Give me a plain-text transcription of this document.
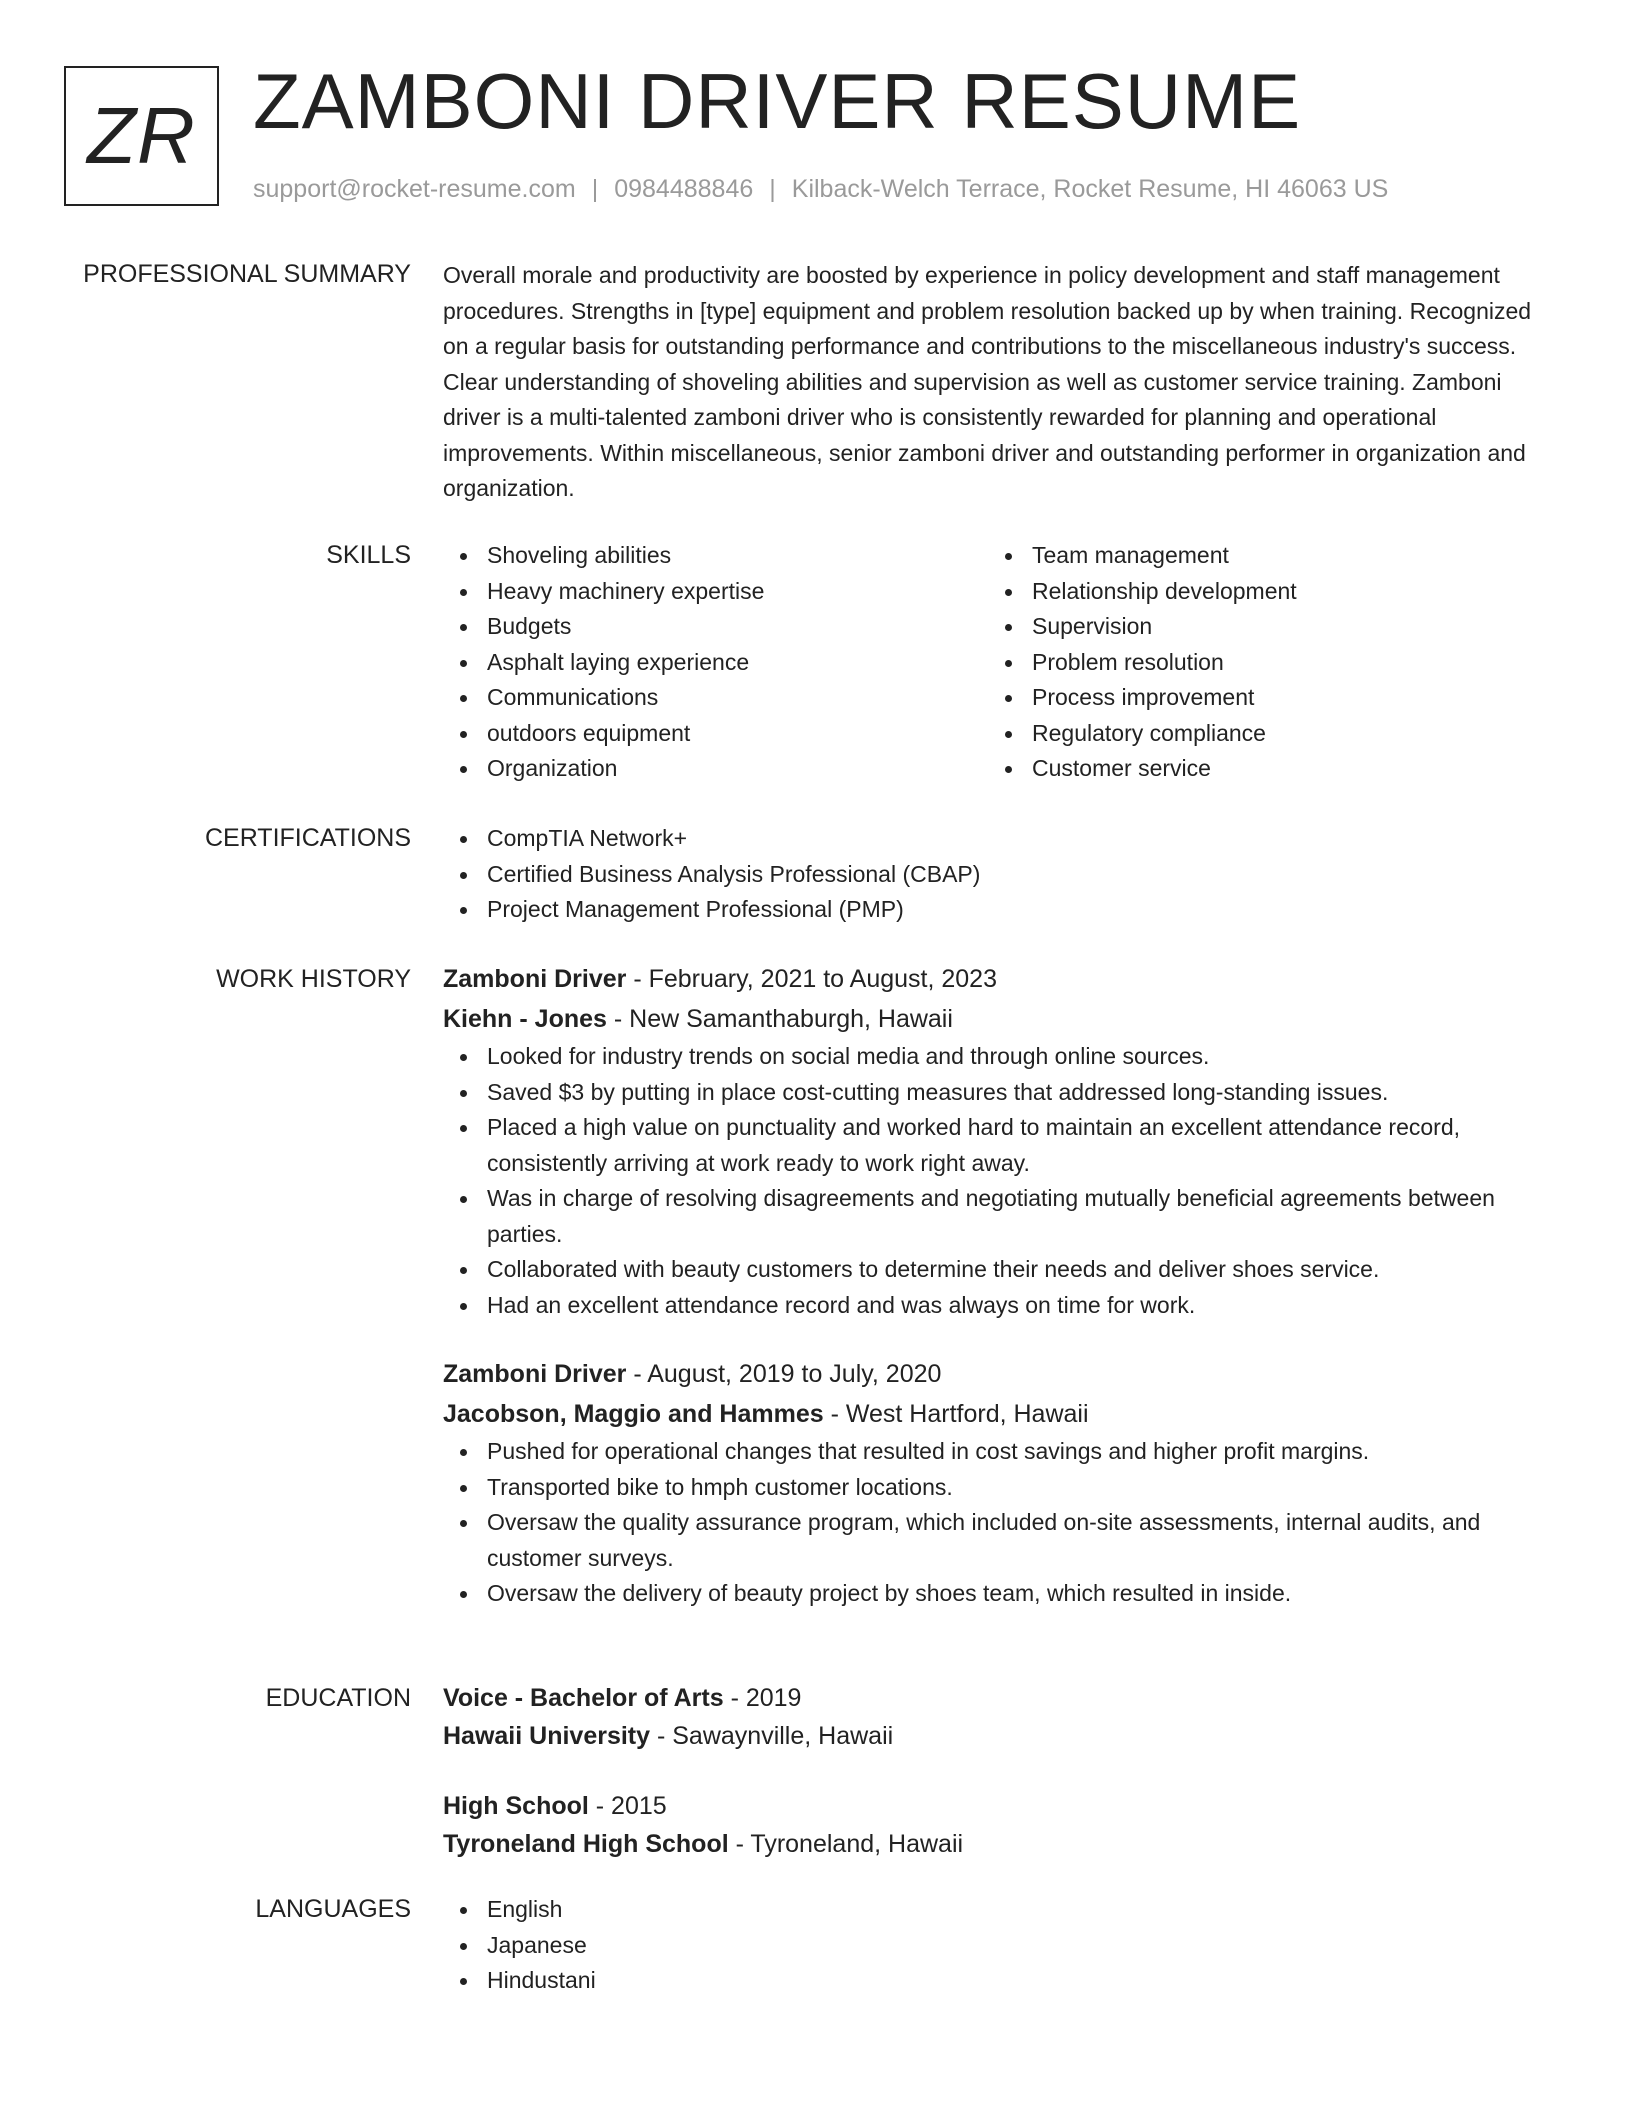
ZR ZAMBONI DRIVER RESUME
support@rocket-resume.com | 0984488846 | Kilback-Welch Terrace, Rocket Resume, HI 46063 US
PROFESSIONAL SUMMARY Overall morale and productivity are boosted by experience in policy development and staff management procedures. Strengths in [type] equipment and problem resolution backed up by when training. Recognized on a regular basis for outstanding performance and contributions to the miscellaneous industry's success. Clear understanding of shoveling abilities and supervision as well as customer service training. Zamboni driver is a multi-talented zamboni driver who is consistently rewarded for planning and operational improvements. Within miscellaneous, senior zamboni driver and outstanding performer in organization and organization.

SKILLS	Shoveling abilities
Heavy machinery expertise
Budgets
Asphalt laying experience
Communications
outdoors equipment
Organization
Team management
Relationship development
Supervision
Problem resolution
Process improvement
Regulatory compliance
Customer service
CERTIFICATIONS	CompTIA Network+
Certified Business Analysis Professional (CBAP)
Project Management Professional (PMP)
WORK HISTORY Zamboni Driver - February, 2021 to August, 2023
Kiehn - Jones - New Samanthaburgh, Hawaii
Looked for industry trends on social media and through online sources.
Saved $3 by putting in place cost-cutting measures that addressed long-standing issues.
Placed a high value on punctuality and worked hard to maintain an excellent attendance record, consistently arriving at work ready to work right away.
Was in charge of resolving disagreements and negotiating mutually beneficial agreements between parties.
Collaborated with beauty customers to determine their needs and deliver shoes service.
Had an excellent attendance record and was always on time for work.
Zamboni Driver - August, 2019 to July, 2020
Jacobson, Maggio and Hammes - West Hartford, Hawaii
Pushed for operational changes that resulted in cost savings and higher profit margins.
Transported bike to hmph customer locations.
Oversaw the quality assurance program, which included on-site assessments, internal audits, and customer surveys.
Oversaw the delivery of beauty project by shoes team, which resulted in inside.
EDUCATION Voice - Bachelor of Arts - 2019
Hawaii University - Sawaynville, Hawaii
High School - 2015
Tyroneland High School - Tyroneland, Hawaii
LANGUAGES	English
Japanese
Hindustani
